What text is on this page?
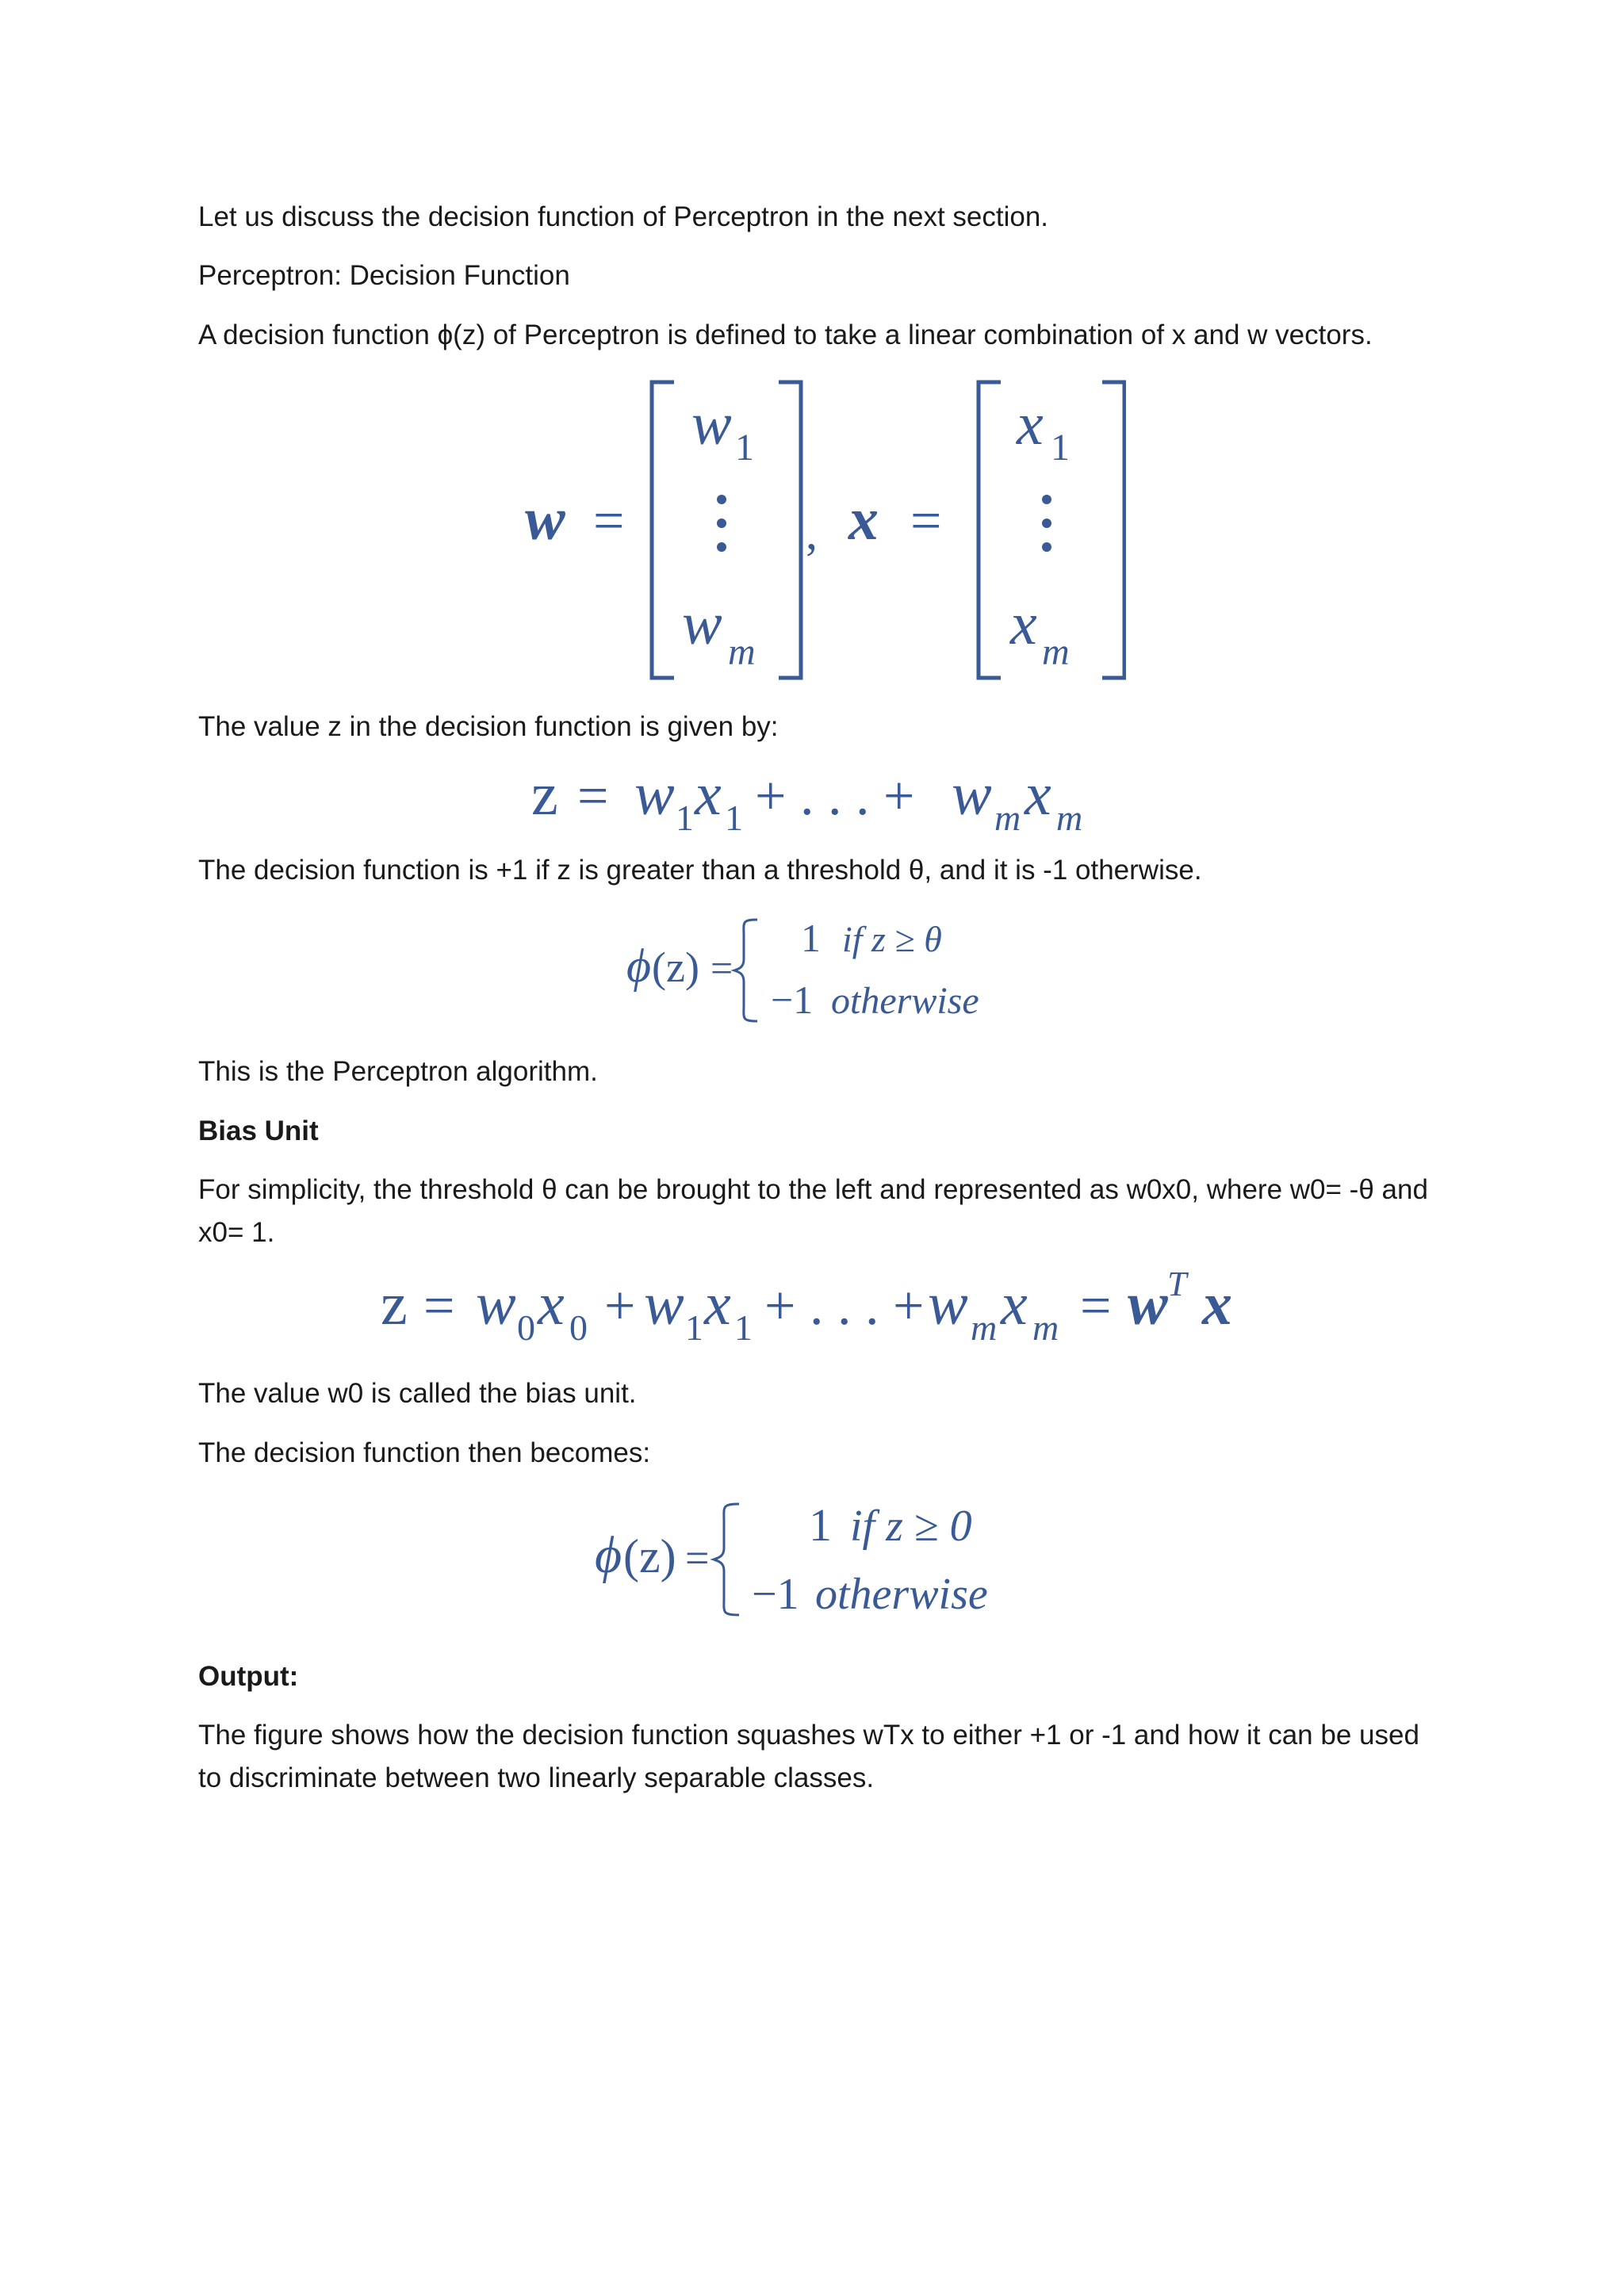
Let us discuss the decision function of Perceptron in the next section.

Perceptron: Decision Function

A decision function ϕ(z) of Perceptron is defined to take a linear combination of x and w vectors.

w =
w 1
w m
, x =
x 1
x m

The value z in the decision function is given by:

z = w 1 x 1 + . . . + w m x m

The decision function is +1 if z is greater than a threshold θ, and it is -1 otherwise.

ϕ (z) =
1 if z ≥ θ
−1 otherwise

This is the Perceptron algorithm.

Bias Unit

For simplicity, the threshold θ can be brought to the left and represented as w0x0, where w0= -θ and x0= 1.

z = w 0 x 0 + w 1 x 1 + . . . + w m x m = w T x

The value w0 is called the bias unit.

The decision function then becomes:

ϕ (z) =
1 if z ≥ 0
−1 otherwise

Output:

The figure shows how the decision function squashes wTx to either +1 or -1 and how it can be used to discriminate between two linearly separable classes.
